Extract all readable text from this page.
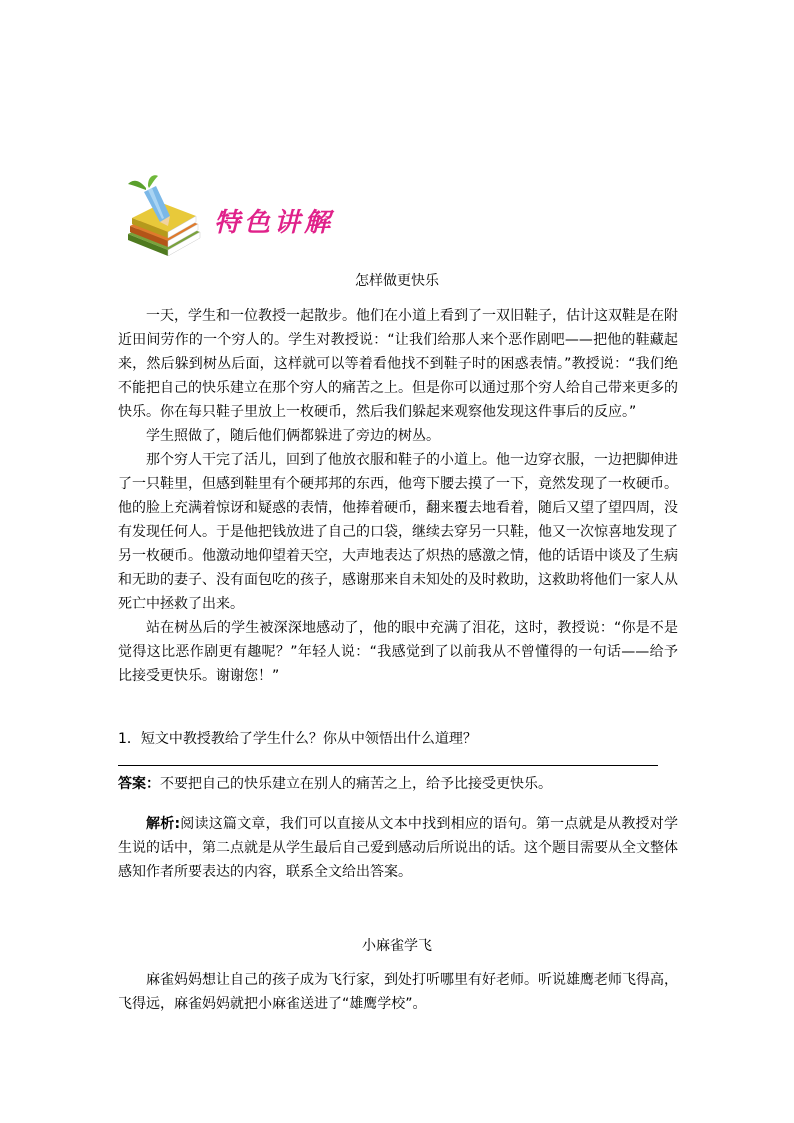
特色讲解
怎样做更快乐

一天，学生和一位教授一起散步。他们在小道上看到了一双旧鞋子，估计这双鞋是在附近田间劳作的一个穷人的。学生对教授说：“让我们给那人来个恶作剧吧——把他的鞋藏起来，然后躲到树丛后面，这样就可以等着看他找不到鞋子时的困惑表情。”教授说：“我们绝不能把自己的快乐建立在那个穷人的痛苦之上。但是你可以通过那个穷人给自己带来更多的快乐。你在每只鞋子里放上一枚硬币，然后我们躲起来观察他发现这件事后的反应。”

学生照做了，随后他们俩都躲进了旁边的树丛。

那个穷人干完了活儿，回到了他放衣服和鞋子的小道上。他一边穿衣服，一边把脚伸进了一只鞋里，但感到鞋里有个硬邦邦的东西，他弯下腰去摸了一下，竟然发现了一枚硬币。他的脸上充满着惊讶和疑惑的表情，他捧着硬币，翻来覆去地看着，随后又望了望四周，没有发现任何人。于是他把钱放进了自己的口袋，继续去穿另一只鞋，他又一次惊喜地发现了另一枚硬币。他激动地仰望着天空，大声地表达了炽热的感激之情，他的话语中谈及了生病和无助的妻子、没有面包吃的孩子，感谢那来自未知处的及时救助，这救助将他们一家人从死亡中拯救了出来。

站在树丛后的学生被深深地感动了，他的眼中充满了泪花，这时，教授说：“你是不是觉得这比恶作剧更有趣呢？”年轻人说：“我感觉到了以前我从不曾懂得的一句话——给予比接受更快乐。谢谢您！”

1．短文中教授教给了学生什么？你从中领悟出什么道理？
答案：不要把自己的快乐建立在别人的痛苦之上，给予比接受更快乐。

解析:阅读这篇文章，我们可以直接从文本中找到相应的语句。第一点就是从教授对学生说的话中，第二点就是从学生最后自己爱到感动后所说出的话。这个题目需要从全文整体感知作者所要表达的内容，联系全文给出答案。

小麻雀学飞

麻雀妈妈想让自己的孩子成为飞行家，到处打听哪里有好老师。听说雄鹰老师飞得高，飞得远，麻雀妈妈就把小麻雀送进了“雄鹰学校”。
